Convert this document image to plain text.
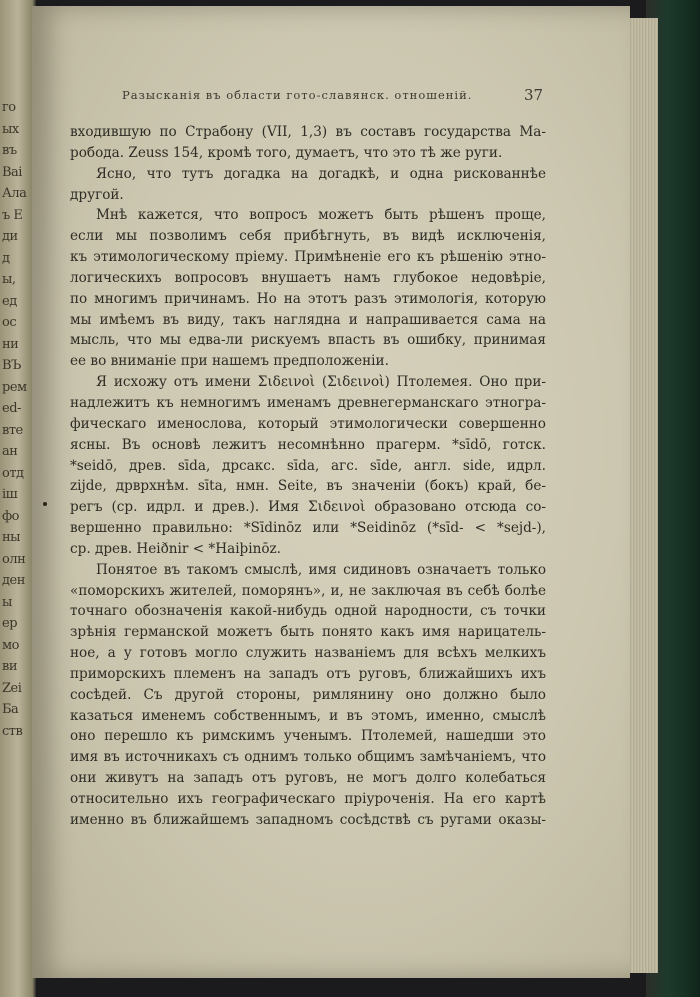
го
ых
въ
Ваі
Ала
ъ Е
ди
д
ы,
ед
ос
ни
ВЪ
рем
ed-
вте
ан
отд
іш
фо
ны
олн
ден
ы
ер
мо
ви
Zei
Ба
ств
Разысканія въ области гото-славянск. отношеній.	37
входившую по Страбону (VII, 1,3) въ составъ государства Ма-
робода. Zeuss 154, кромѣ того, думаетъ, что это тѣ же руги.
Ясно, что тутъ догадка на догадкѣ, и одна рискованнѣе
другой.
Мнѣ кажется, что вопросъ можетъ быть рѣшенъ проще,
если мы позволимъ себя прибѣгнуть, въ видѣ исключенія,
къ этимологическому пріему. Примѣненіе его къ рѣшенію этно-
логическихъ вопросовъ внушаетъ намъ глубокое недовѣріе,
по многимъ причинамъ. Но на этотъ разъ этимологія, которую
мы имѣемъ въ виду, такъ наглядна и напрашивается сама на
мысль, что мы едва-ли рискуемъ впасть въ ошибку, принимая
ее во вниманіе при нашемъ предположеніи.
Я исхожу отъ имени Σιδεινοὶ (Σιδεινοὶ) Птолемея. Оно при-
надлежитъ къ немногимъ именамъ древнегерманскаго этногра-
фическаго именослова, который этимологически совершенно
ясны. Въ основѣ лежитъ несомнѣнно прагерм. *sīdō, готск.
*seidō, древ. sīda, дрсакс. sīda, агс. sīde, англ. side, идрл.
zijde, дрврхнѣм. sīta, нмн. Seite, въ значеніи (бокъ) край, бе-
регъ (ср. идрл. и древ.). Имя Σιδεινοὶ образовано отсюда со-
вершенно правильно: *Sīdinōz или *Seidinōz (*sīd- < *sejd-),
ср. древ. Heiðnir < *Haiþinōz.
Понятое въ такомъ смыслѣ, имя сидиновъ означаетъ только
«поморскихъ жителей, поморянъ», и, не заключая въ себѣ болѣе
точнаго обозначенія какой-нибудь одной народности, съ точки
зрѣнія германской можетъ быть понято какъ имя нарицатель-
ное, а у готовъ могло служить названіемъ для всѣхъ мелкихъ
приморскихъ племенъ на западъ отъ руговъ, ближайшихъ ихъ
сосѣдей. Съ другой стороны, римлянину оно должно было
казаться именемъ собственнымъ, и въ этомъ, именно, смыслѣ
оно перешло къ римскимъ ученымъ. Птолемей, нашедши это
имя въ источникахъ съ однимъ только общимъ замѣчаніемъ, что
они живутъ на западъ отъ руговъ, не могъ долго колебаться
относительно ихъ географическаго пріуроченія. На его картѣ
именно въ ближайшемъ западномъ сосѣдствѣ съ ругами оказы-
